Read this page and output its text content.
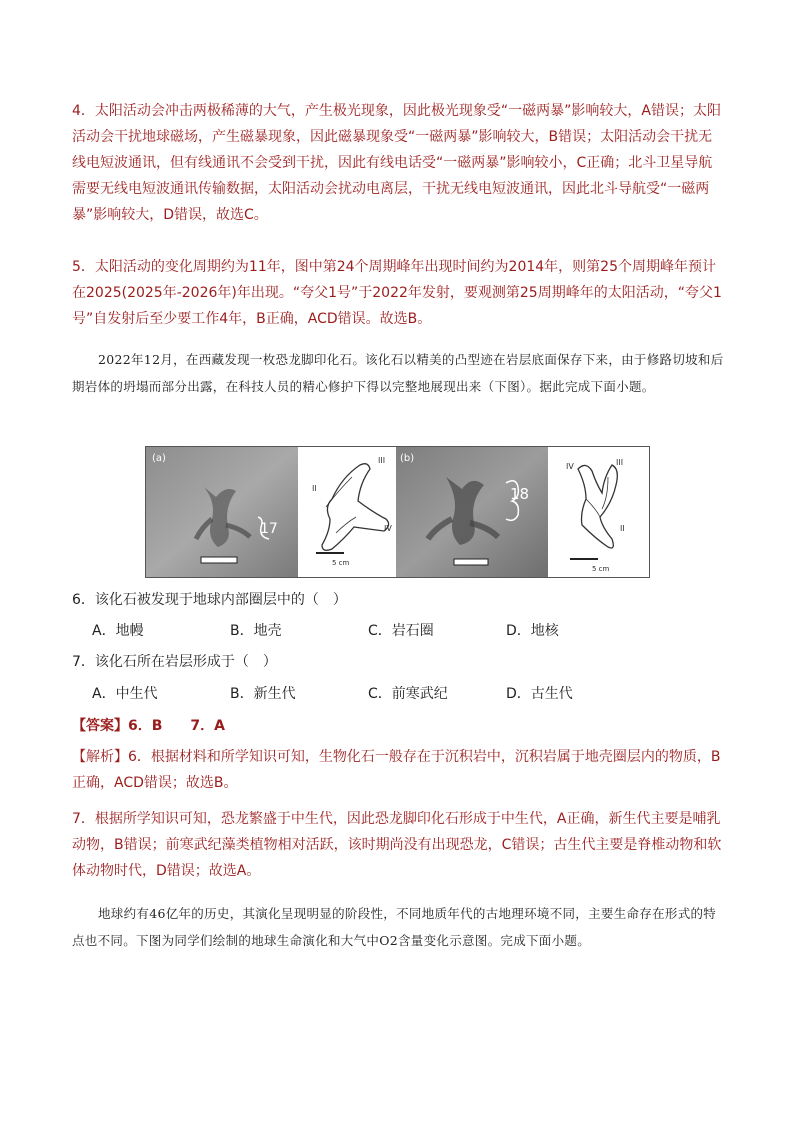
4．太阳活动会冲击两极稀薄的大气，产生极光现象，因此极光现象受“一磁两暴”影响较大，A错误；太阳活动会干扰地球磁场，产生磁暴现象，因此磁暴现象受“一磁两暴”影响较大，B错误；太阳活动会干扰无线电短波通讯，但有线通讯不会受到干扰，因此有线电话受“一磁两暴”影响较小，C正确；北斗卫星导航需要无线电短波通讯传输数据，太阳活动会扰动电离层，干扰无线电短波通讯，因此北斗导航受“一磁两暴”影响较大，D错误，故选C。
5．太阳活动的变化周期约为11年，图中第24个周期峰年出现时间约为2014年，则第25个周期峰年预计在2025(2025年-2026年)年出现。“夸父1号”于2022年发射，要观测第25周期峰年的太阳活动，“夸父1号”自发射后至少要工作4年，B正确，ACD错误。故选B。
2022年12月，在西藏发现一枚恐龙脚印化石。该化石以精美的凸型迹在岩层底面保存下来，由于修路切坡和后期岩体的坍塌而部分出露，在科技人员的精心修护下得以完整地展现出来（下图）。据此完成下面小题。
(a)
17
II
III
IV
5 cm
(b)
18
IV	III
II
5 cm
6．该化石被发现于地球内部圈层中的（　）
A．地幔	B．地壳	C．岩石圈	D．地核
7．该化石所在岩层形成于（　）
A．中生代	B．新生代	C．前寒武纪	D．古生代
【答案】6．B　　7．A
【解析】6．根据材料和所学知识可知，生物化石一般存在于沉积岩中，沉积岩属于地壳圈层内的物质，B正确，ACD错误；故选B。
7．根据所学知识可知，恐龙繁盛于中生代，因此恐龙脚印化石形成于中生代，A正确，新生代主要是哺乳动物，B错误；前寒武纪藻类植物相对活跃，该时期尚没有出现恐龙，C错误；古生代主要是脊椎动物和软体动物时代，D错误；故选A。
地球约有46亿年的历史，其演化呈现明显的阶段性，不同地质年代的古地理环境不同，主要生命存在形式的特点也不同。下图为同学们绘制的地球生命演化和大气中O2含量变化示意图。完成下面小题。
